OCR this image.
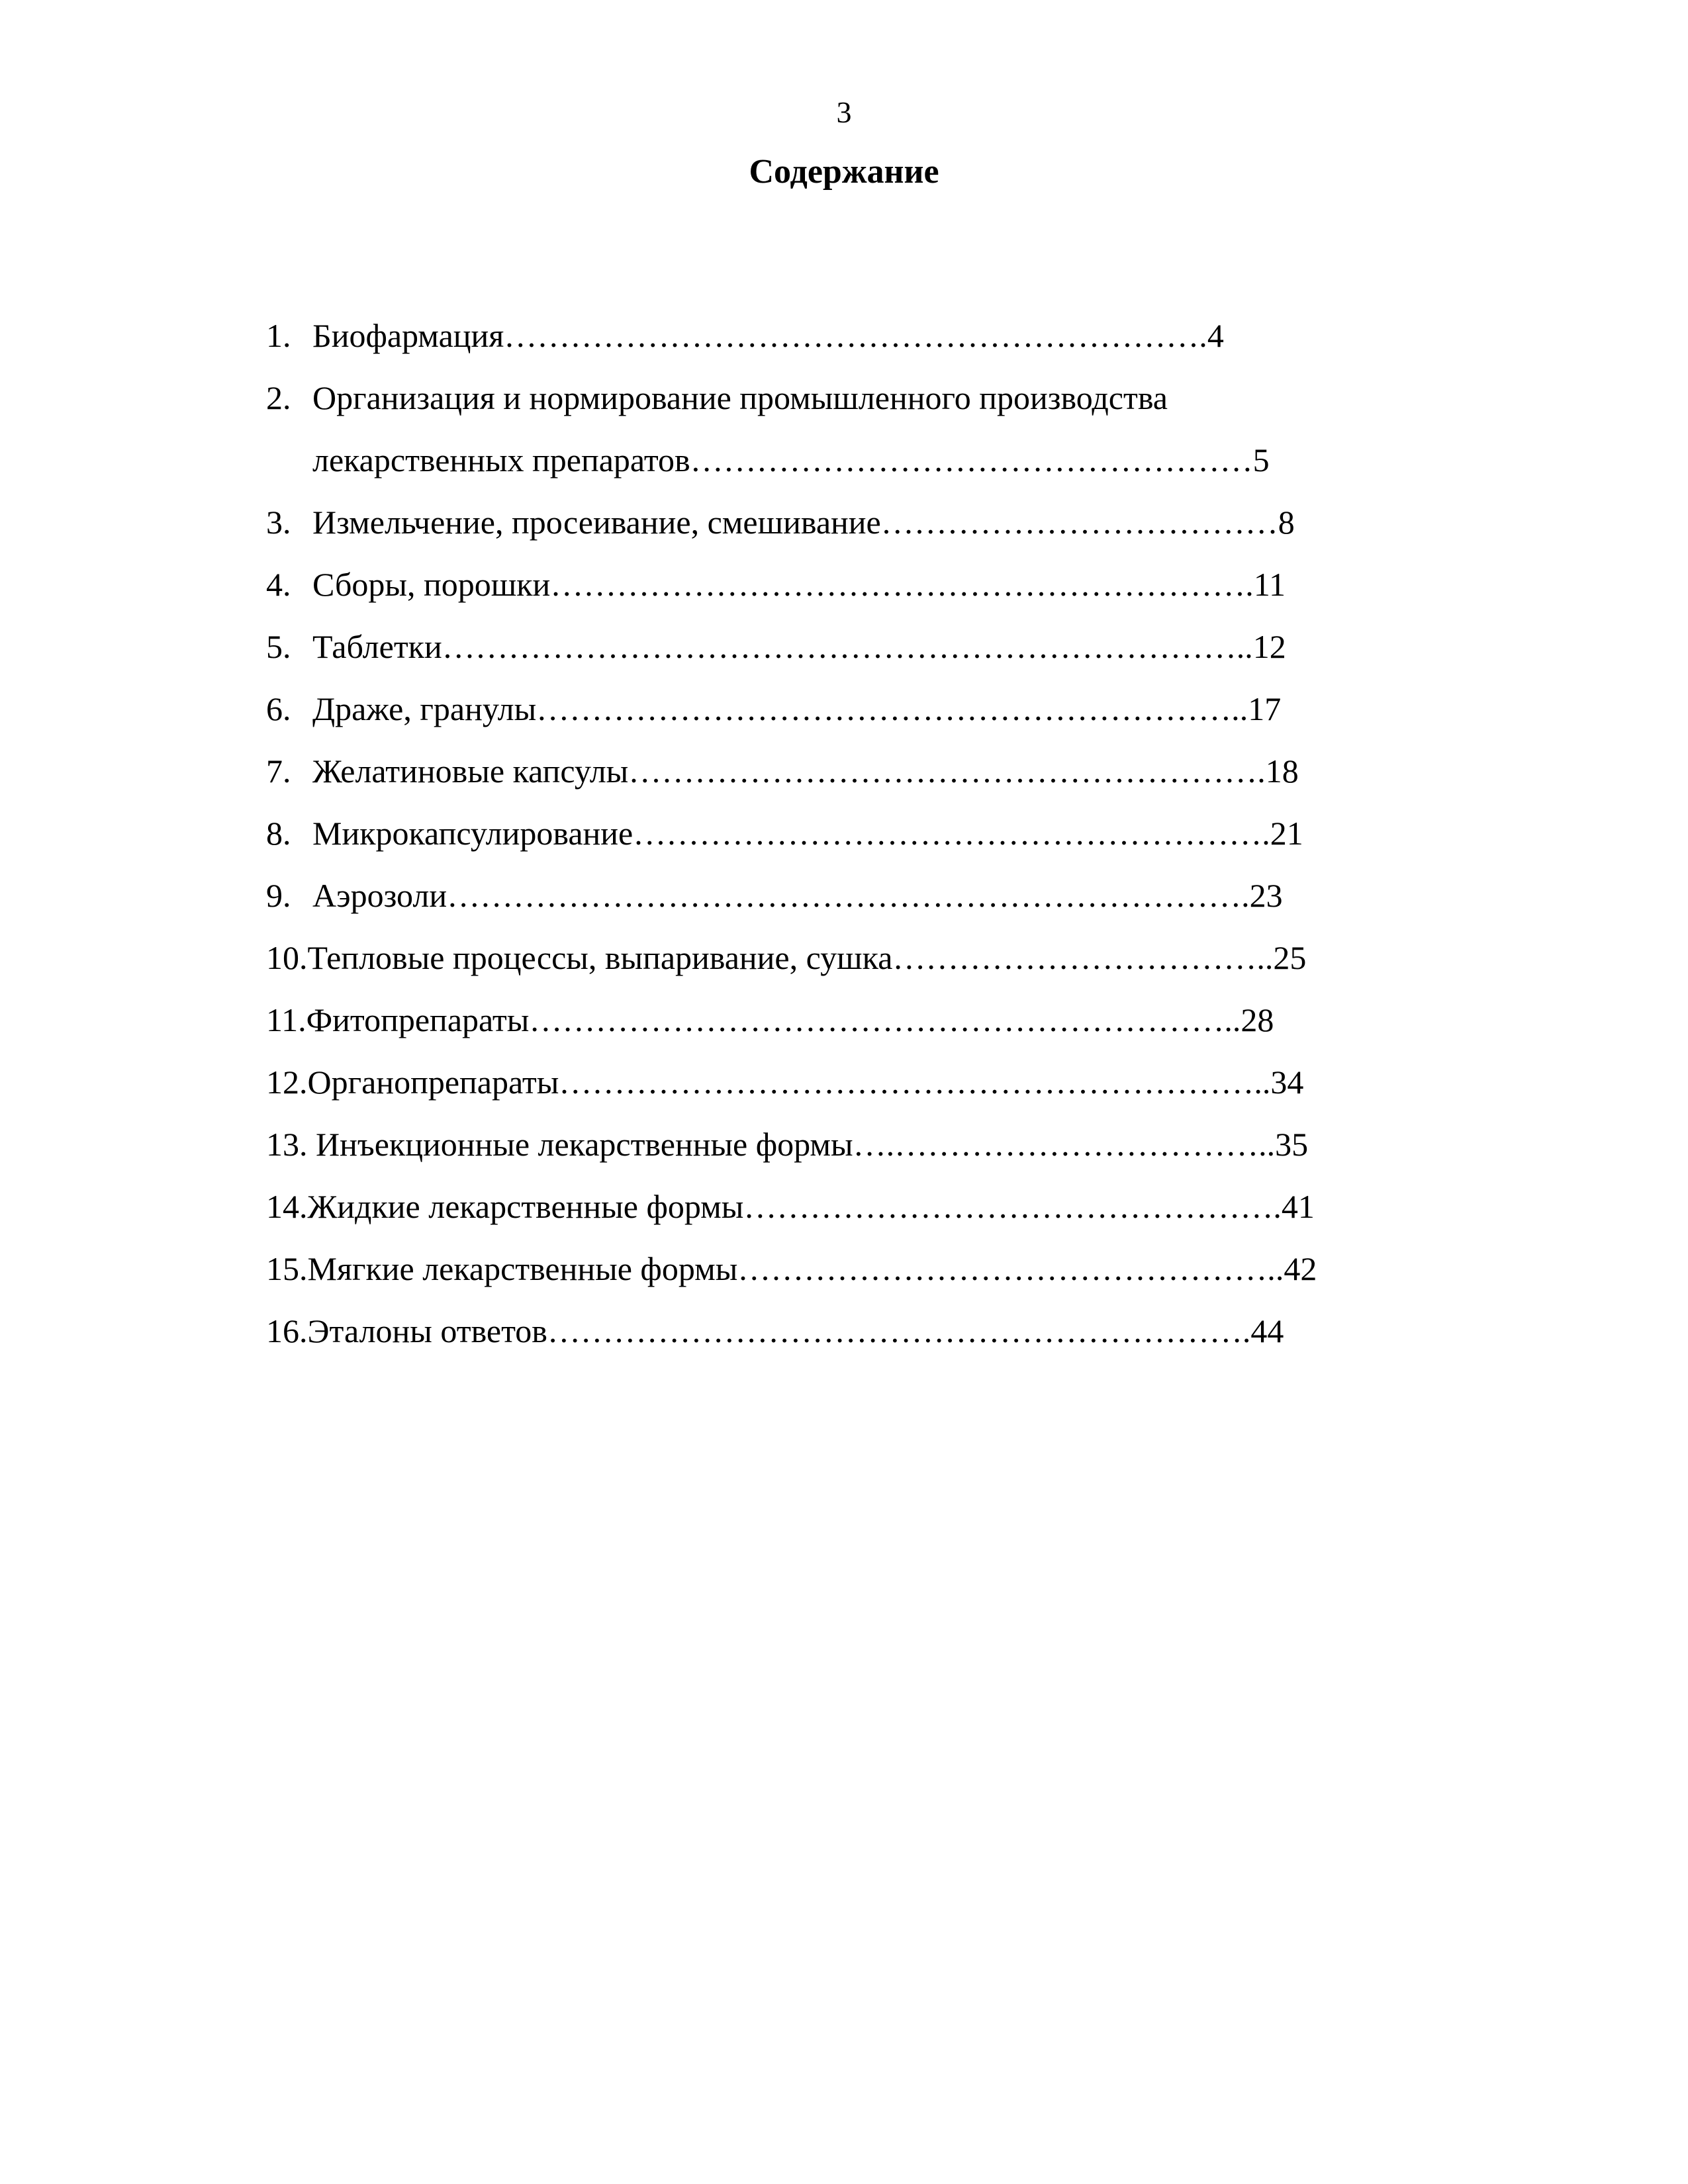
3
Содержание
1. Биофармация……………………………………………………….4
2. Организация и нормирование промышленного производства
лекарственных препаратов……………………………………………5
3. Измельчение, просеивание, смешивание………………………………8
4. Сборы, порошки……………………………………………………….11
5. Таблетки………………………………………………………………..12
6. Драже, гранулы………………………………………………………..17
7. Желатиновые капсулы………………………………………………….18
8. Микрокапсулирование………………………………………………….21
9. Аэрозоли……………………………………………………………….23
10.Тепловые процессы, выпаривание, сушка……………………………..25
11.Фитопрепараты………………………………………………………..28
12.Органопрепараты………………………………………………………..34
13. Инъекционные лекарственные формы….……………………………..35
14.Жидкие лекарственные формы………………………………………….41
15.Мягкие лекарственные формы…………………………………………..42
16.Эталоны ответов……………………………………………………….44
